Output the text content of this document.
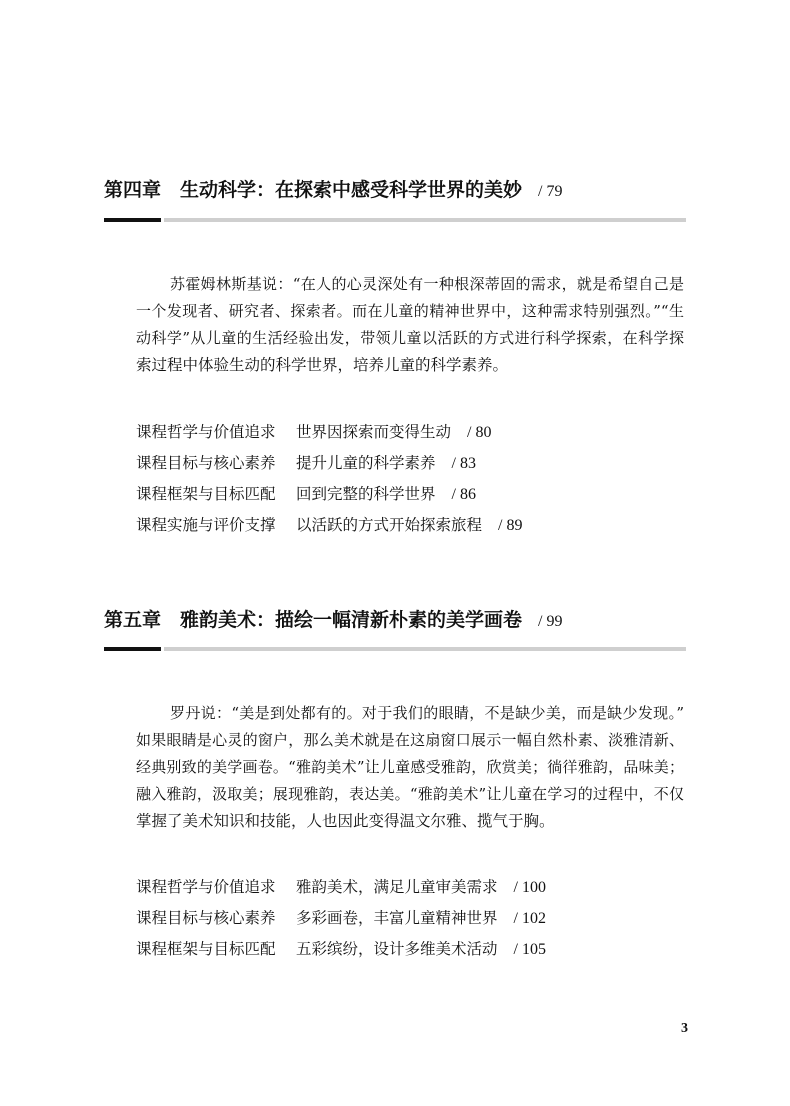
第四章 生动科学：在探索中感受科学世界的美妙 / 79
苏霍姆林斯基说：“在人的心灵深处有一种根深蒂固的需求，就是希望自己是
一个发现者、研究者、探索者。而在儿童的精神世界中，这种需求特别强烈。”“生
动科学”从儿童的生活经验出发，带领儿童以活跃的方式进行科学探索，在科学探
索过程中体验生动的科学世界，培养儿童的科学素养。
课程哲学与价值追求 世界因探索而变得生动 / 80
课程目标与核心素养 提升儿童的科学素养 / 83
课程框架与目标匹配 回到完整的科学世界 / 86
课程实施与评价支撑 以活跃的方式开始探索旅程 / 89
第五章 雅韵美术：描绘一幅清新朴素的美学画卷 / 99
罗丹说：“美是到处都有的。对于我们的眼睛，不是缺少美，而是缺少发现。”
如果眼睛是心灵的窗户，那么美术就是在这扇窗口展示一幅自然朴素、淡雅清新、
经典别致的美学画卷。“雅韵美术”让儿童感受雅韵，欣赏美；徜徉雅韵，品味美；
融入雅韵，汲取美；展现雅韵，表达美。“雅韵美术”让儿童在学习的过程中，不仅
掌握了美术知识和技能，人也因此变得温文尔雅、揽气于胸。
课程哲学与价值追求 雅韵美术，满足儿童审美需求 / 100
课程目标与核心素养 多彩画卷，丰富儿童精神世界 / 102
课程框架与目标匹配 五彩缤纷，设计多维美术活动 / 105
3
